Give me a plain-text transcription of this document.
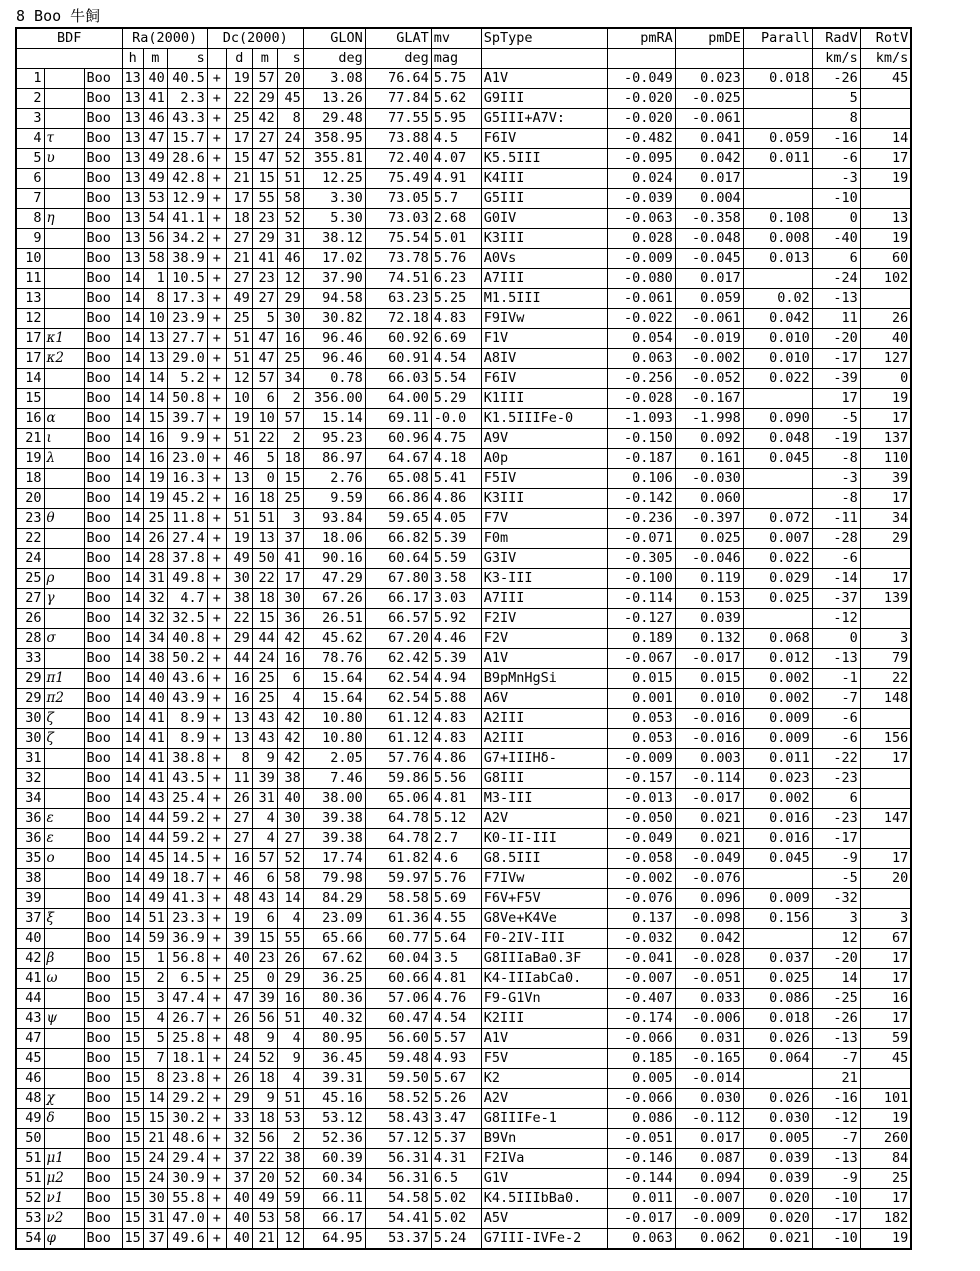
8 Boo 牛飼
BDF			Ra(2000)			Dc(2000)				GLON	GLAT	mv	SpType	pmRA	pmDE	Parall	RadV	RotV
			h	m	s		d	m	s	deg	deg	mag					km/s	km/s
1		Boo	13	40	40.5	+	19	57	20	3.08	76.64	5.75	A1V	-0.049	0.023	0.018	-26	45
2		Boo	13	41	2.3	+	22	29	45	13.26	77.84	5.62	G9III	-0.020	-0.025		5	
3		Boo	13	46	43.3	+	25	42	8	29.48	77.55	5.95	G5III+A7V:	-0.020	-0.061		8	
4	τ	Boo	13	47	15.7	+	17	27	24	358.95	73.88	4.5	F6IV	-0.482	0.041	0.059	-16	14
5	υ	Boo	13	49	28.6	+	15	47	52	355.81	72.40	4.07	K5.5III	-0.095	0.042	0.011	-6	17
6		Boo	13	49	42.8	+	21	15	51	12.25	75.49	4.91	K4III	0.024	0.017		-3	19
7		Boo	13	53	12.9	+	17	55	58	3.30	73.05	5.7	G5III	-0.039	0.004		-10	
8	η	Boo	13	54	41.1	+	18	23	52	5.30	73.03	2.68	G0IV	-0.063	-0.358	0.108	0	13
9		Boo	13	56	34.2	+	27	29	31	38.12	75.54	5.01	K3III	0.028	-0.048	0.008	-40	19
10		Boo	13	58	38.9	+	21	41	46	17.02	73.78	5.76	A0Vs	-0.009	-0.045	0.013	6	60
11		Boo	14	1	10.5	+	27	23	12	37.90	74.51	6.23	A7III	-0.080	0.017		-24	102
13		Boo	14	8	17.3	+	49	27	29	94.58	63.23	5.25	M1.5III	-0.061	0.059	0.02	-13	
12		Boo	14	10	23.9	+	25	5	30	30.82	72.18	4.83	F9IVw	-0.022	-0.061	0.042	11	26
17	κ1	Boo	14	13	27.7	+	51	47	16	96.46	60.92	6.69	F1V	0.054	-0.019	0.010	-20	40
17	κ2	Boo	14	13	29.0	+	51	47	25	96.46	60.91	4.54	A8IV	0.063	-0.002	0.010	-17	127
14		Boo	14	14	5.2	+	12	57	34	0.78	66.03	5.54	F6IV	-0.256	-0.052	0.022	-39	0
15		Boo	14	14	50.8	+	10	6	2	356.00	64.00	5.29	K1III	-0.028	-0.167		17	19
16	α	Boo	14	15	39.7	+	19	10	57	15.14	69.11	-0.0	K1.5IIIFe-0	-1.093	-1.998	0.090	-5	17
21	ι	Boo	14	16	9.9	+	51	22	2	95.23	60.96	4.75	A9V	-0.150	0.092	0.048	-19	137
19	λ	Boo	14	16	23.0	+	46	5	18	86.97	64.67	4.18	A0p	-0.187	0.161	0.045	-8	110
18		Boo	14	19	16.3	+	13	0	15	2.76	65.08	5.41	F5IV	0.106	-0.030		-3	39
20		Boo	14	19	45.2	+	16	18	25	9.59	66.86	4.86	K3III	-0.142	0.060		-8	17
23	θ	Boo	14	25	11.8	+	51	51	3	93.84	59.65	4.05	F7V	-0.236	-0.397	0.072	-11	34
22		Boo	14	26	27.4	+	19	13	37	18.06	66.82	5.39	F0m	-0.071	0.025	0.007	-28	29
24		Boo	14	28	37.8	+	49	50	41	90.16	60.64	5.59	G3IV	-0.305	-0.046	0.022	-6	
25	ρ	Boo	14	31	49.8	+	30	22	17	47.29	67.80	3.58	K3-III	-0.100	0.119	0.029	-14	17
27	γ	Boo	14	32	4.7	+	38	18	30	67.26	66.17	3.03	A7III	-0.114	0.153	0.025	-37	139
26		Boo	14	32	32.5	+	22	15	36	26.51	66.57	5.92	F2IV	-0.127	0.039		-12	
28	σ	Boo	14	34	40.8	+	29	44	42	45.62	67.20	4.46	F2V	0.189	0.132	0.068	0	3
33		Boo	14	38	50.2	+	44	24	16	78.76	62.42	5.39	A1V	-0.067	-0.017	0.012	-13	79
29	π1	Boo	14	40	43.6	+	16	25	6	15.64	62.54	4.94	B9pMnHgSi	0.015	0.015	0.002	-1	22
29	π2	Boo	14	40	43.9	+	16	25	4	15.64	62.54	5.88	A6V	0.001	0.010	0.002	-7	148
30	ζ	Boo	14	41	8.9	+	13	43	42	10.80	61.12	4.83	A2III	0.053	-0.016	0.009	-6	
30	ζ	Boo	14	41	8.9	+	13	43	42	10.80	61.12	4.83	A2III	0.053	-0.016	0.009	-6	156
31		Boo	14	41	38.8	+	8	9	42	2.05	57.76	4.86	G7+IIIHδ-	-0.009	0.003	0.011	-22	17
32		Boo	14	41	43.5	+	11	39	38	7.46	59.86	5.56	G8III	-0.157	-0.114	0.023	-23	
34		Boo	14	43	25.4	+	26	31	40	38.00	65.06	4.81	M3-III	-0.013	-0.017	0.002	6	
36	ε	Boo	14	44	59.2	+	27	4	30	39.38	64.78	5.12	A2V	-0.050	0.021	0.016	-23	147
36	ε	Boo	14	44	59.2	+	27	4	27	39.38	64.78	2.7	K0-II-III	-0.049	0.021	0.016	-17	
35	ο	Boo	14	45	14.5	+	16	57	52	17.74	61.82	4.6	G8.5III	-0.058	-0.049	0.045	-9	17
38		Boo	14	49	18.7	+	46	6	58	79.98	59.97	5.76	F7IVw	-0.002	-0.076		-5	20
39		Boo	14	49	41.3	+	48	43	14	84.29	58.58	5.69	F6V+F5V	-0.076	0.096	0.009	-32	
37	ξ	Boo	14	51	23.3	+	19	6	4	23.09	61.36	4.55	G8Ve+K4Ve	0.137	-0.098	0.156	3	3
40		Boo	14	59	36.9	+	39	15	55	65.66	60.77	5.64	F0-2IV-III	-0.032	0.042		12	67
42	β	Boo	15	1	56.8	+	40	23	26	67.62	60.04	3.5	G8IIIaBa0.3F	-0.041	-0.028	0.037	-20	17
41	ω	Boo	15	2	6.5	+	25	0	29	36.25	60.66	4.81	K4-IIIabCa0.	-0.007	-0.051	0.025	14	17
44		Boo	15	3	47.4	+	47	39	16	80.36	57.06	4.76	F9-G1Vn	-0.407	0.033	0.086	-25	16
43	ψ	Boo	15	4	26.7	+	26	56	51	40.32	60.47	4.54	K2III	-0.174	-0.006	0.018	-26	17
47		Boo	15	5	25.8	+	48	9	4	80.95	56.60	5.57	A1V	-0.066	0.031	0.026	-13	59
45		Boo	15	7	18.1	+	24	52	9	36.45	59.48	4.93	F5V	0.185	-0.165	0.064	-7	45
46		Boo	15	8	23.8	+	26	18	4	39.31	59.50	5.67	K2	0.005	-0.014		21	
48	χ	Boo	15	14	29.2	+	29	9	51	45.16	58.52	5.26	A2V	-0.066	0.030	0.026	-16	101
49	δ	Boo	15	15	30.2	+	33	18	53	53.12	58.43	3.47	G8IIIFe-1	0.086	-0.112	0.030	-12	19
50		Boo	15	21	48.6	+	32	56	2	52.36	57.12	5.37	B9Vn	-0.051	0.017	0.005	-7	260
51	μ1	Boo	15	24	29.4	+	37	22	38	60.39	56.31	4.31	F2IVa	-0.146	0.087	0.039	-13	84
51	μ2	Boo	15	24	30.9	+	37	20	52	60.34	56.31	6.5	G1V	-0.144	0.094	0.039	-9	25
52	ν1	Boo	15	30	55.8	+	40	49	59	66.11	54.58	5.02	K4.5IIIbBa0.	0.011	-0.007	0.020	-10	17
53	ν2	Boo	15	31	47.0	+	40	53	58	66.17	54.41	5.02	A5V	-0.017	-0.009	0.020	-17	182
54	φ	Boo	15	37	49.6	+	40	21	12	64.95	53.37	5.24	G7III-IVFe-2	0.063	0.062	0.021	-10	19
